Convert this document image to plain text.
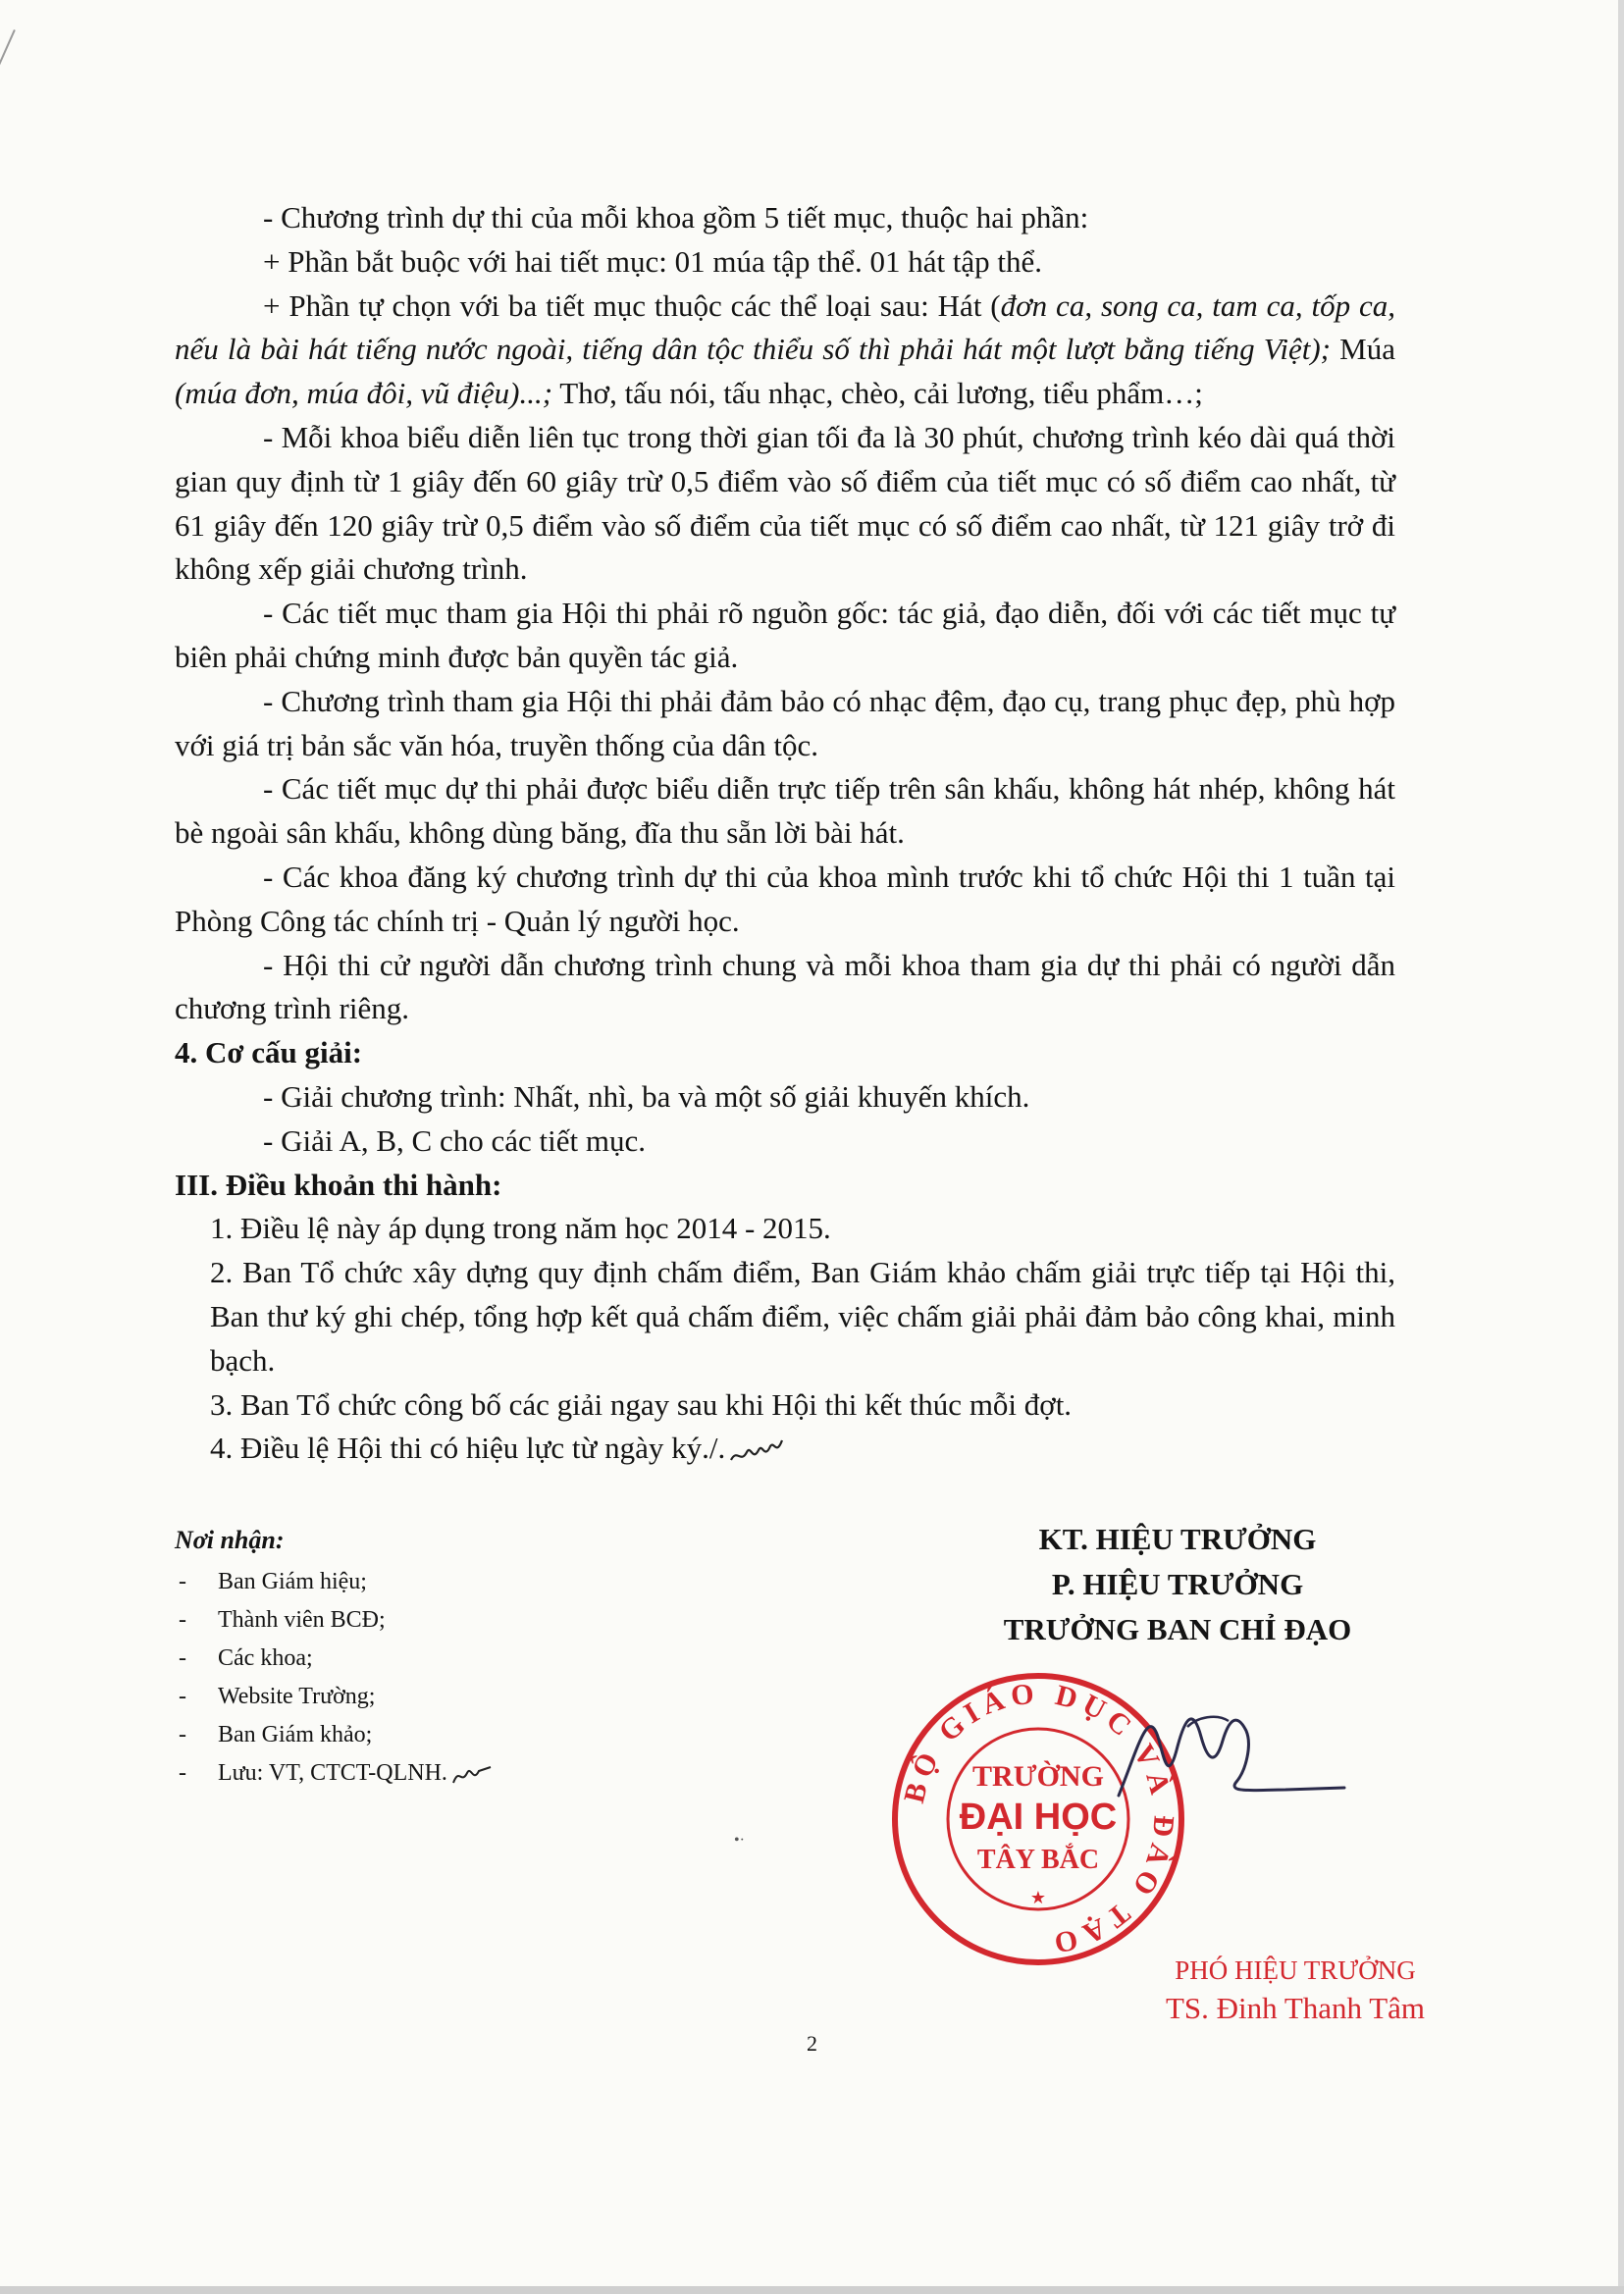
- Chương trình dự thi của mỗi khoa gồm 5 tiết mục, thuộc hai phần:

+ Phần bắt buộc với hai tiết mục: 01 múa tập thể. 01 hát tập thể.

+ Phần tự chọn với ba tiết mục thuộc các thể loại sau: Hát (đơn ca, song ca, tam ca, tốp ca, nếu là bài hát tiếng nước ngoài, tiếng dân tộc thiểu số thì phải hát một lượt bằng tiếng Việt); Múa (múa đơn, múa đôi, vũ điệu)...; Thơ, tấu nói, tấu nhạc, chèo, cải lương, tiểu phẩm…;

- Mỗi khoa biểu diễn liên tục trong thời gian tối đa là 30 phút, chương trình kéo dài quá thời gian quy định từ 1 giây đến 60 giây trừ 0,5 điểm vào số điểm của tiết mục có số điểm cao nhất, từ 61 giây đến 120 giây trừ 0,5 điểm vào số điểm của tiết mục có số điểm cao nhất, từ 121 giây trở đi không xếp giải chương trình.

- Các tiết mục tham gia Hội thi phải rõ nguồn gốc: tác giả, đạo diễn, đối với các tiết mục tự biên phải chứng minh được bản quyền tác giả.

- Chương trình tham gia Hội thi phải đảm bảo có nhạc đệm, đạo cụ, trang phục đẹp, phù hợp với giá trị bản sắc văn hóa, truyền thống của dân tộc.

- Các tiết mục dự thi phải được biểu diễn trực tiếp trên sân khấu, không hát nhép, không hát bè ngoài sân khấu, không dùng băng, đĩa thu sẵn lời bài hát.

- Các khoa đăng ký chương trình dự thi của khoa mình trước khi tổ chức Hội thi 1 tuần tại Phòng Công tác chính trị - Quản lý người học.

- Hội thi cử người dẫn chương trình chung và mỗi khoa tham gia dự thi phải có người dẫn chương trình riêng.

4. Cơ cấu giải:

- Giải chương trình: Nhất, nhì, ba và một số giải khuyến khích.

- Giải A, B, C cho các tiết mục.

III. Điều khoản thi hành:

1. Điều lệ này áp dụng trong năm học 2014 - 2015.

2. Ban Tổ chức xây dựng quy định chấm điểm, Ban Giám khảo chấm giải trực tiếp tại Hội thi, Ban thư ký ghi chép, tổng hợp kết quả chấm điểm, việc chấm giải phải đảm bảo công khai, minh bạch.

3. Ban Tổ chức công bố các giải ngay sau khi Hội thi kết thúc mỗi đợt.

4. Điều lệ Hội thi có hiệu lực từ ngày ký./.

Nơi nhận:
- Ban Giám hiệu;
- Thành viên BCĐ;
- Các khoa;
- Website Trường;
- Ban Giám khảo;
- Lưu: VT, CTCT-QLNH.
KT. HIỆU TRƯỞNG
P. HIỆU TRƯỞNG
TRƯỞNG BAN CHỈ ĐẠO
BỘ GIÁO DỤC VÀ ĐÀO TẠO
TRƯỜNG
ĐẠI HỌC
TÂY BẮC
★
PHÓ HIỆU TRƯỞNG
TS. Đinh Thanh Tâm
•·
2
